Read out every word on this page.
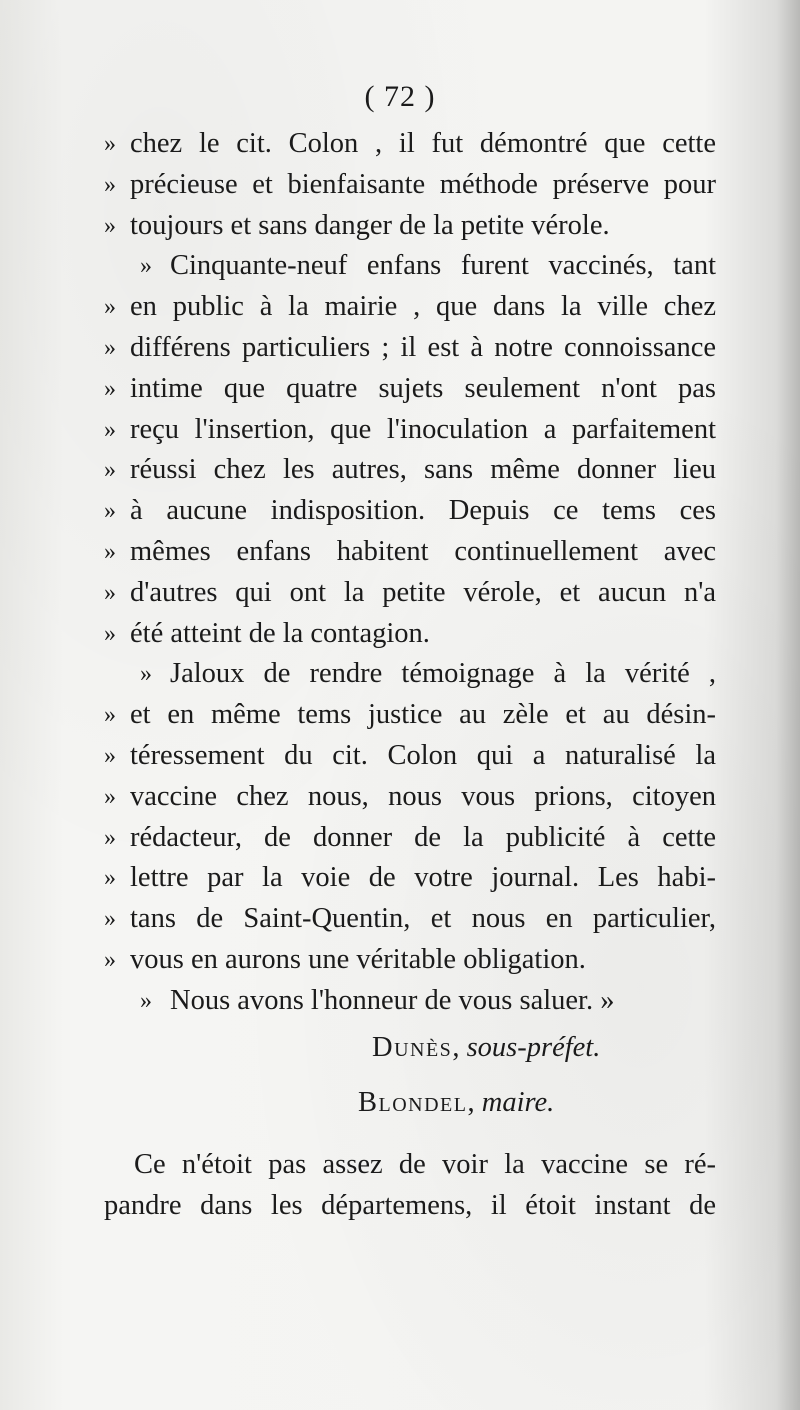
( 72 )
» chez le cit. Colon , il fut démontré que cette
» précieuse et bienfaisante méthode préserve pour
» toujours et sans danger de la petite vérole.
» Cinquante-neuf enfans furent vaccinés, tant
» en public à la mairie , que dans la ville chez
» différens particuliers ; il est à notre connoissance
» intime que quatre sujets seulement n'ont pas
» reçu l'insertion, que l'inoculation a parfaitement
» réussi chez les autres, sans même donner lieu
» à aucune indisposition. Depuis ce tems ces
» mêmes enfans habitent continuellement avec
» d'autres qui ont la petite vérole, et aucun n'a
» été atteint de la contagion.
» Jaloux de rendre témoignage à la vérité ,
» et en même tems justice au zèle et au désin-
» téressement du cit. Colon qui a naturalisé la
» vaccine chez nous, nous vous prions, citoyen
» rédacteur, de donner de la publicité à cette
» lettre par la voie de votre journal. Les habi-
» tans de Saint-Quentin, et nous en particulier,
» vous en aurons une véritable obligation.
» Nous avons l'honneur de vous saluer. »
Dunès, sous-préfet.
Blondel, maire.
Ce n'étoit pas assez de voir la vaccine se ré-
pandre dans les départemens, il étoit instant de
